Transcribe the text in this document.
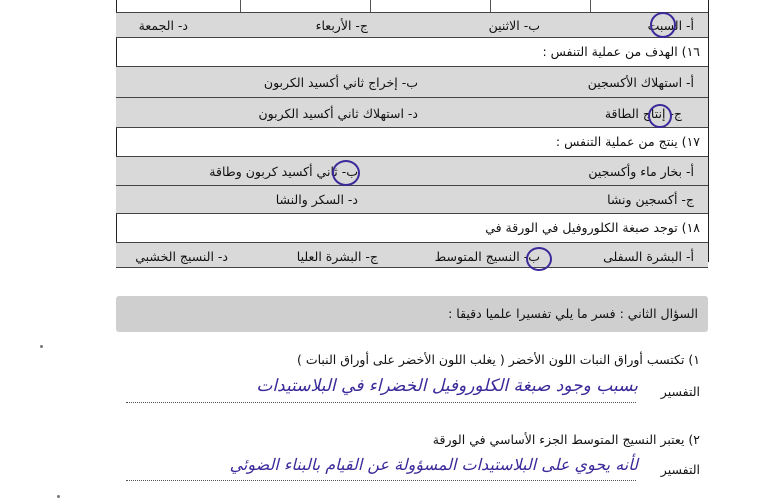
أ- السبت
ب- الاثنين
ج- الأربعاء
د- الجمعة
١٦) الهدف من عملية التنفس :
أ- استهلاك الأكسجين
ب- إخراج ثاني أكسيد الكربون
ج- إنتاج الطاقة
د- استهلاك ثاني أكسيد الكربون
١٧) ينتج من عملية التنفس :
أ- بخار ماء وأكسجين
ب- ثاني أكسيد كربون وطاقة
ج- أكسجين ونشا
د- السكر والنشا
١٨) توجد صبغة الكلوروفيل في الورقة في
أ- البشرة السفلى
ب- النسيج المتوسط
ج- البشرة العليا
د- النسيج الخشبي
السؤال الثاني : فسر ما يلي تفسيرا علميا دقيقا :
١) تكتسب أوراق النبات اللون الأخضر ( يغلب اللون الأخضر على أوراق النبات )
التفسير
بسبب وجود صبغة الكلوروفيل الخضراء في البلاستيدات
٢) يعتبر النسيج المتوسط الجزء الأساسي في الورقة
التفسير
لأنه يحوي على البلاستيدات المسؤولة عن القيام بالبناء الضوئي
